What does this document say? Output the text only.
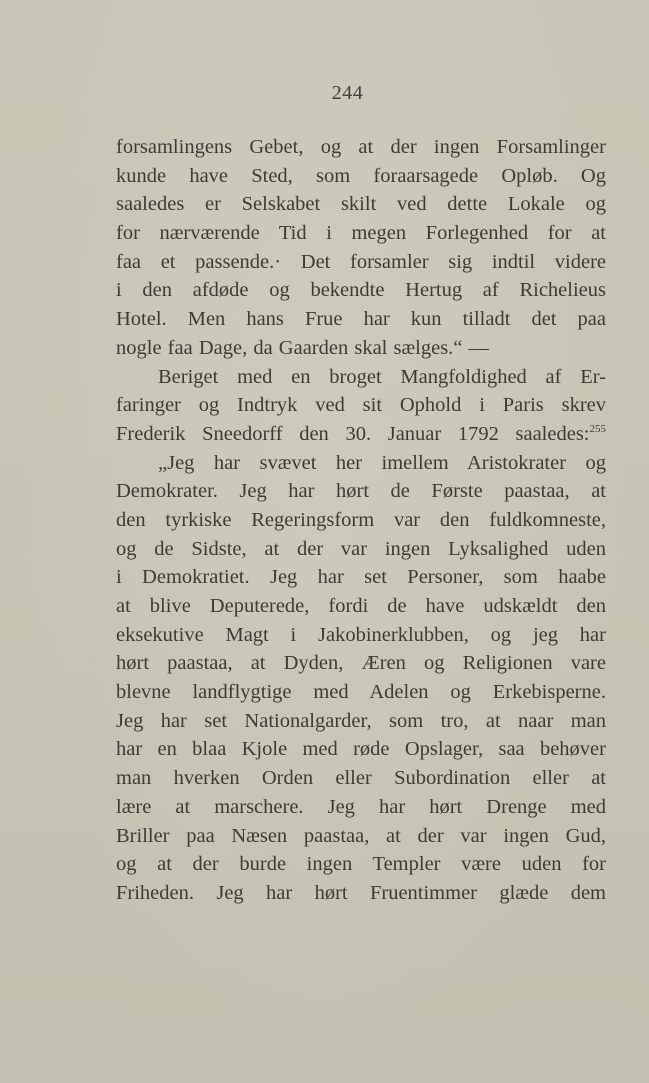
244
forsamlingens Gebet, og at der ingen Forsamlinger
kunde have Sted, som foraarsagede Opløb. Og
saaledes er Selskabet skilt ved dette Lokale og
for nærværende Tid i megen Forlegenhed for at
faa et passende.· Det forsamler sig indtil videre
i den afdøde og bekendte Hertug af Richelieus
Hotel. Men hans Frue har kun tilladt det paa
nogle faa Dage, da Gaarden skal sælges.“ —
Beriget med en broget Mangfoldighed af Er-
faringer og Indtryk ved sit Ophold i Paris skrev
Frederik Sneedorff den 30. Januar 1792 saaledes:$^{255}$
„Jeg har svævet her imellem Aristokrater og
Demokrater. Jeg har hørt de Første paastaa, at
den tyrkiske Regeringsform var den fuldkomneste,
og de Sidste, at der var ingen Lyksalighed uden
i Demokratiet. Jeg har set Personer, som haabe
at blive Deputerede, fordi de have udskældt den
eksekutive Magt i Jakobinerklubben, og jeg har
hørt paastaa, at Dyden, Æren og Religionen vare
blevne landflygtige med Adelen og Erkebisperne.
Jeg har set Nationalgarder, som tro, at naar man
har en blaa Kjole med røde Opslager, saa behøver
man hverken Orden eller Subordination eller at
lære at marschere. Jeg har hørt Drenge med
Briller paa Næsen paastaa, at der var ingen Gud,
og at der burde ingen Templer være uden for
Friheden. Jeg har hørt Fruentimmer glæde dem
